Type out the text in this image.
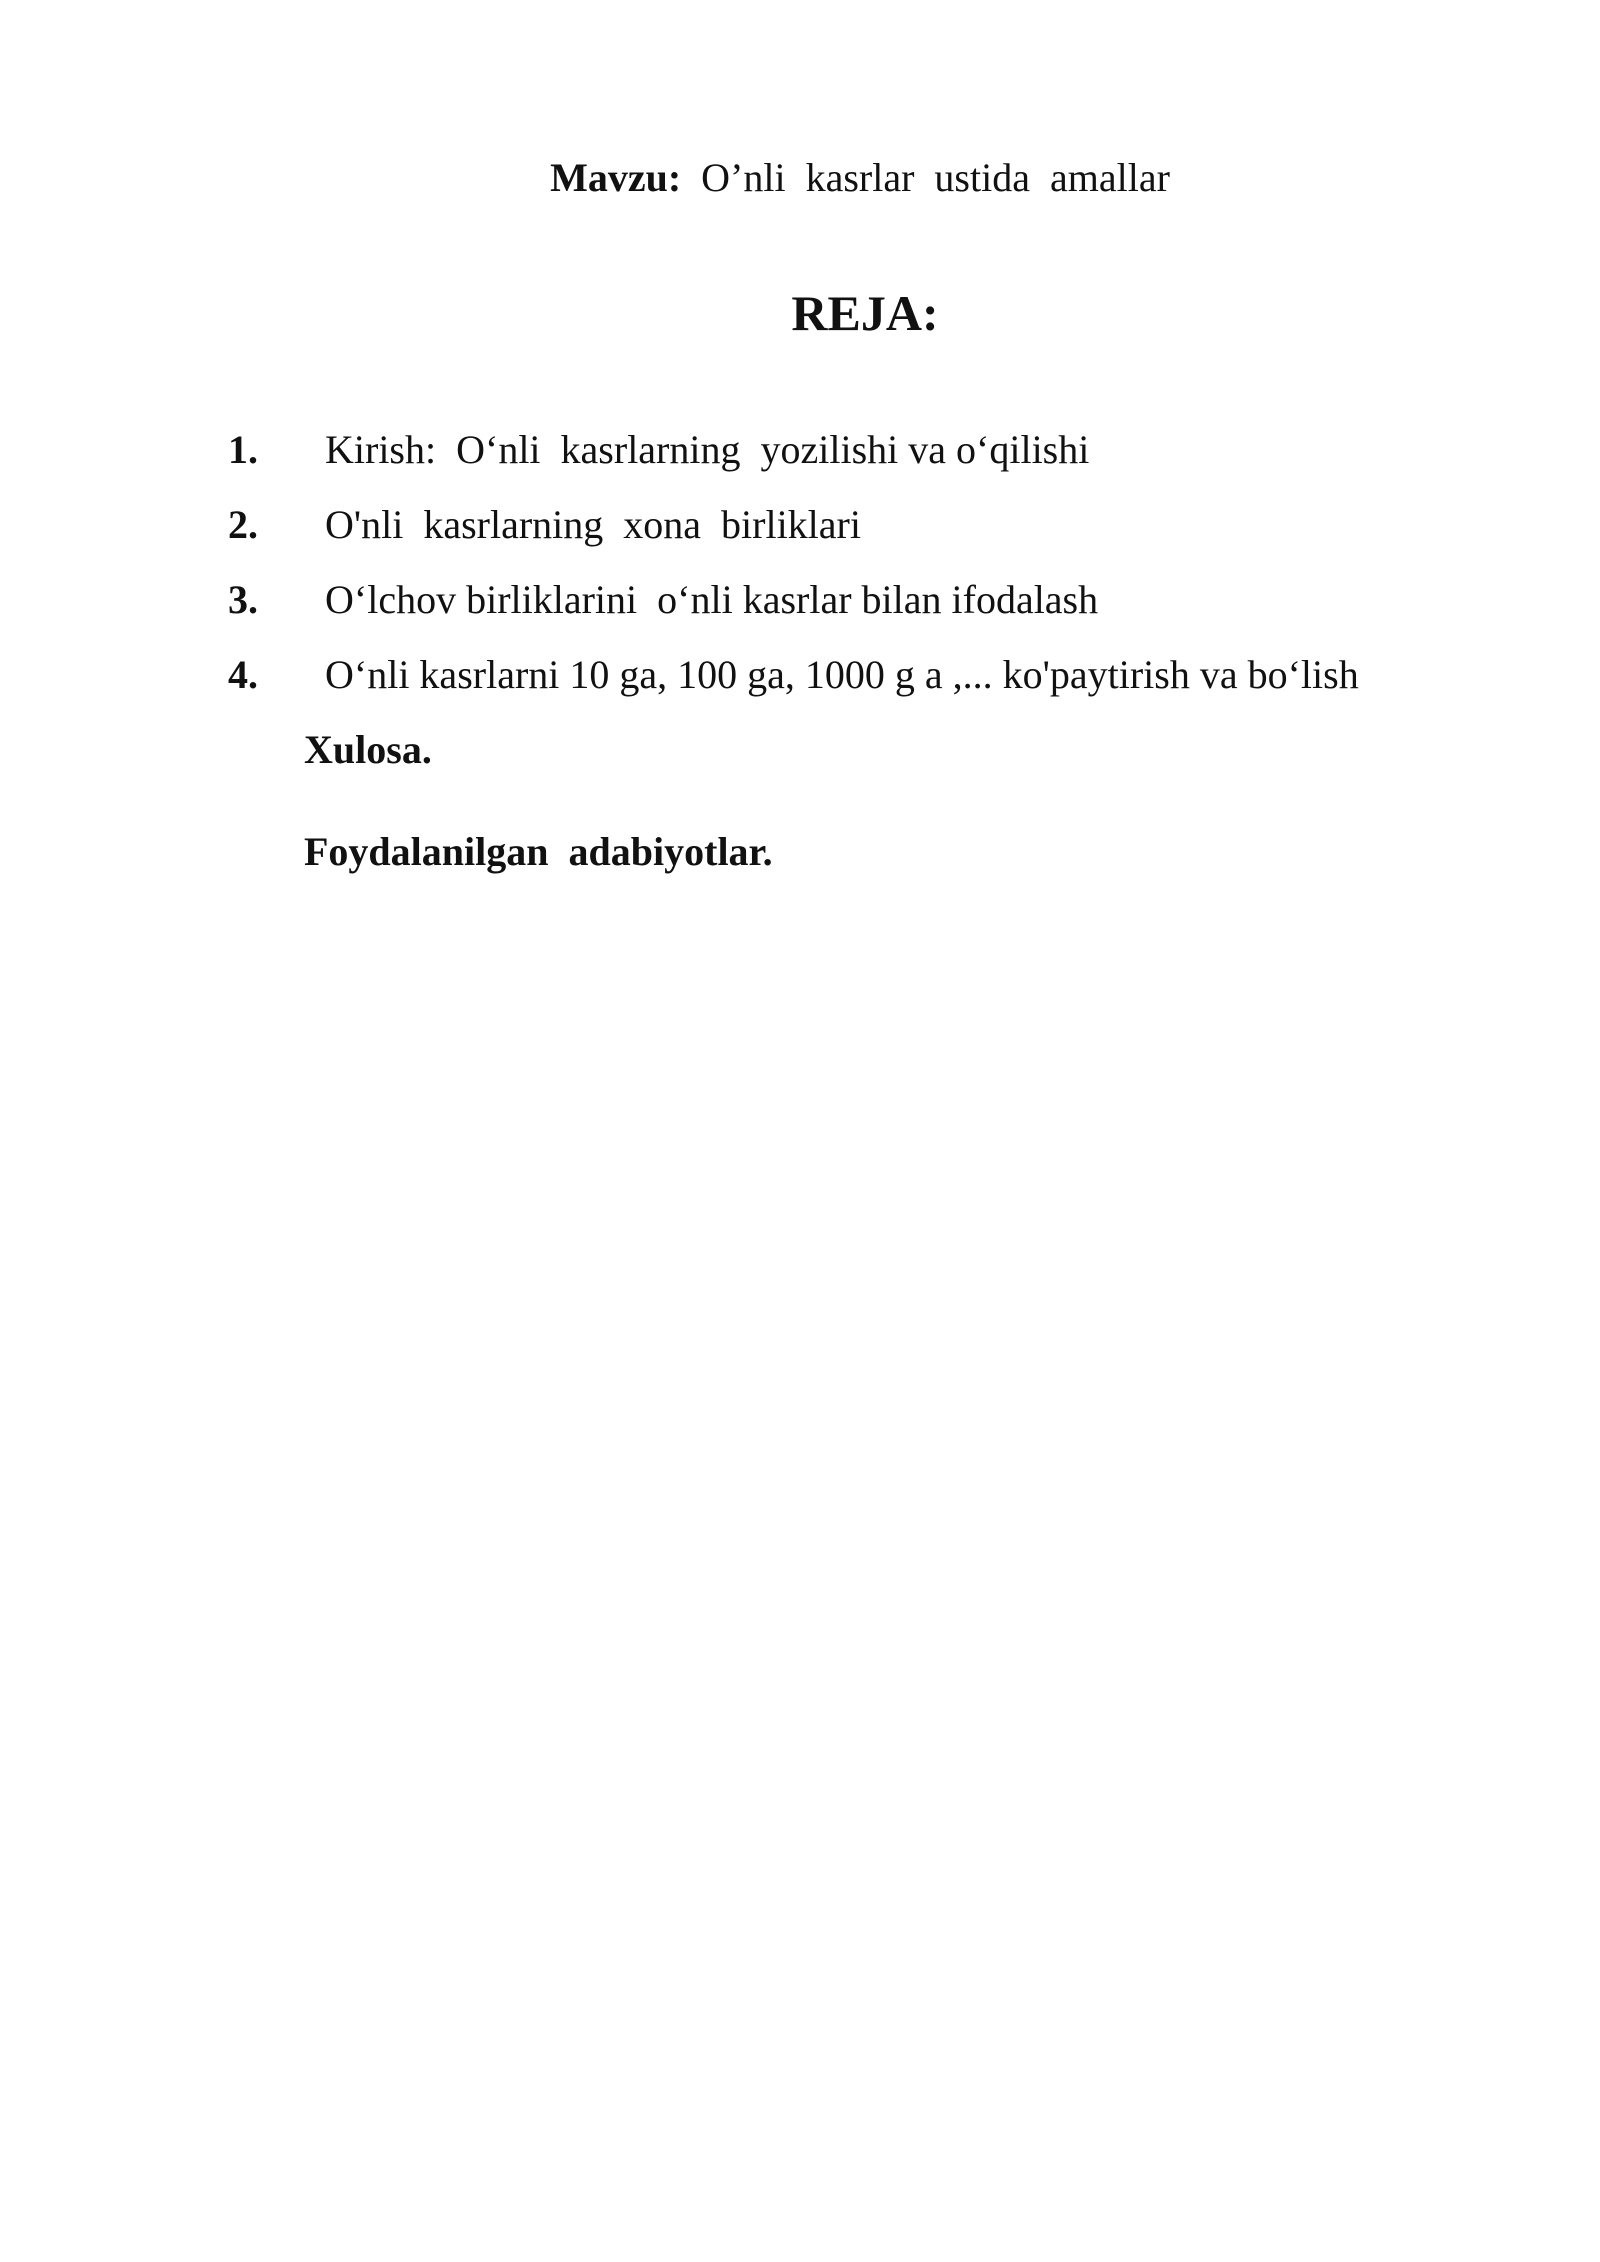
Mavzu: O’nli  kasrlar  ustida  amallar
REJA:
1.	Kirish:  O‘nli  kasrlarning  yozilishi va o‘qilishi
2.	O'nli  kasrlarning  xona  birliklari
3.	O‘lchov birliklarini  o‘nli kasrlar bilan ifodalash
4.	O‘nli kasrlarni 10 ga, 100 ga, 1000 g a ,... ko'paytirish va bo‘lish
Xulosa.
Foydalanilgan  adabiyotlar.
